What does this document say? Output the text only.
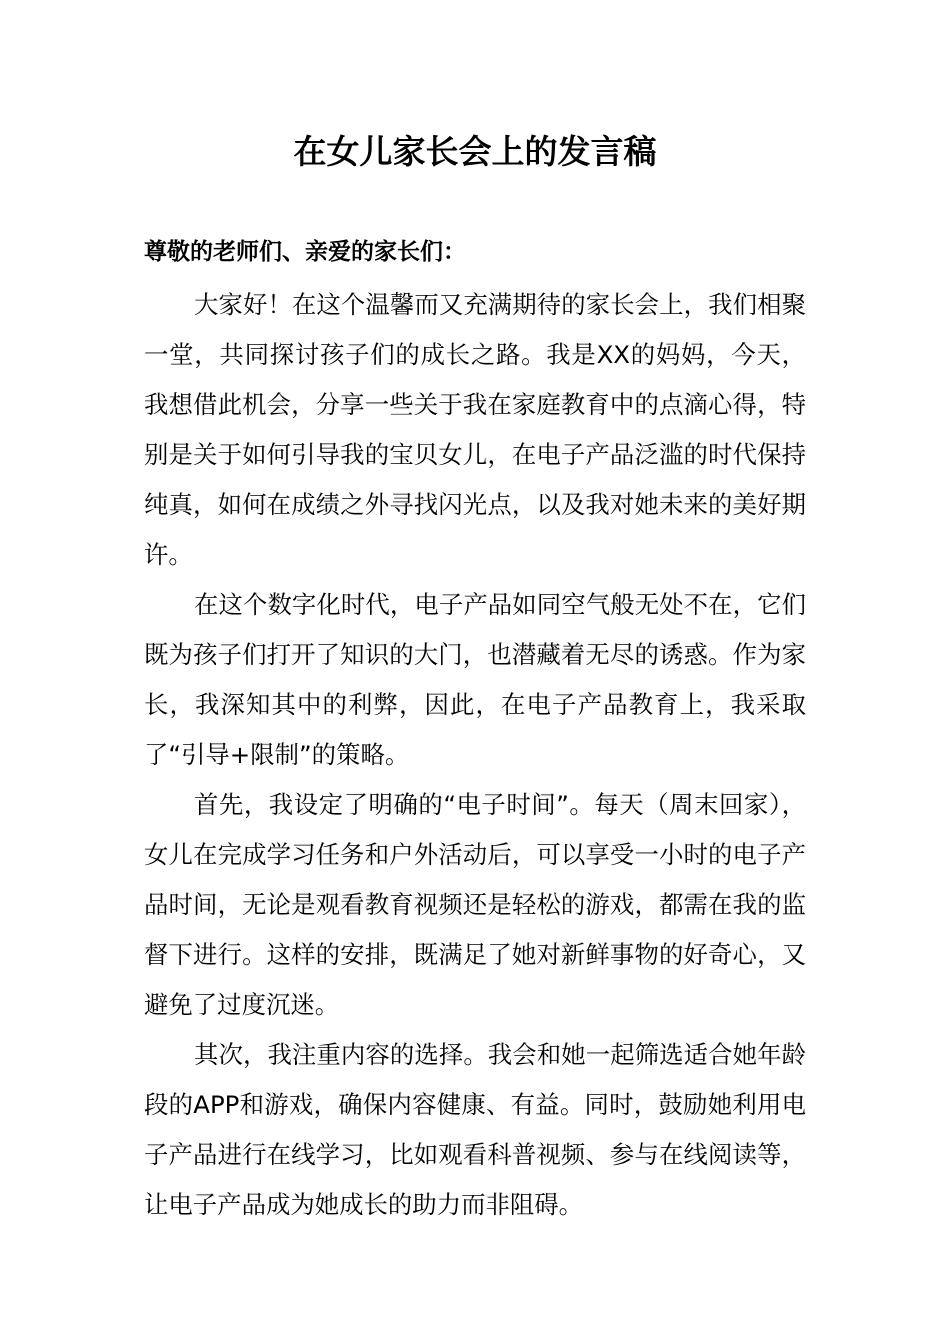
在女儿家长会上的发言稿

尊敬的老师们、亲爱的家长们：

大家好！在这个温馨而又充满期待的家长会上，我们相聚一堂，共同探讨孩子们的成长之路。我是XX的妈妈，今天，我想借此机会，分享一些关于我在家庭教育中的点滴心得，特别是关于如何引导我的宝贝女儿，在电子产品泛滥的时代保持纯真，如何在成绩之外寻找闪光点，以及我对她未来的美好期许。

在这个数字化时代，电子产品如同空气般无处不在，它们既为孩子们打开了知识的大门，也潜藏着无尽的诱惑。作为家长，我深知其中的利弊，因此，在电子产品教育上，我采取了“引导+限制”的策略。

首先，我设定了明确的“电子时间”。每天（周末回家），女儿在完成学习任务和户外活动后，可以享受一小时的电子产品时间，无论是观看教育视频还是轻松的游戏，都需在我的监督下进行。这样的安排，既满足了她对新鲜事物的好奇心，又避免了过度沉迷。

其次，我注重内容的选择。我会和她一起筛选适合她年龄段的APP和游戏，确保内容健康、有益。同时，鼓励她利用电子产品进行在线学习，比如观看科普视频、参与在线阅读等，让电子产品成为她成长的助力而非阻碍。
